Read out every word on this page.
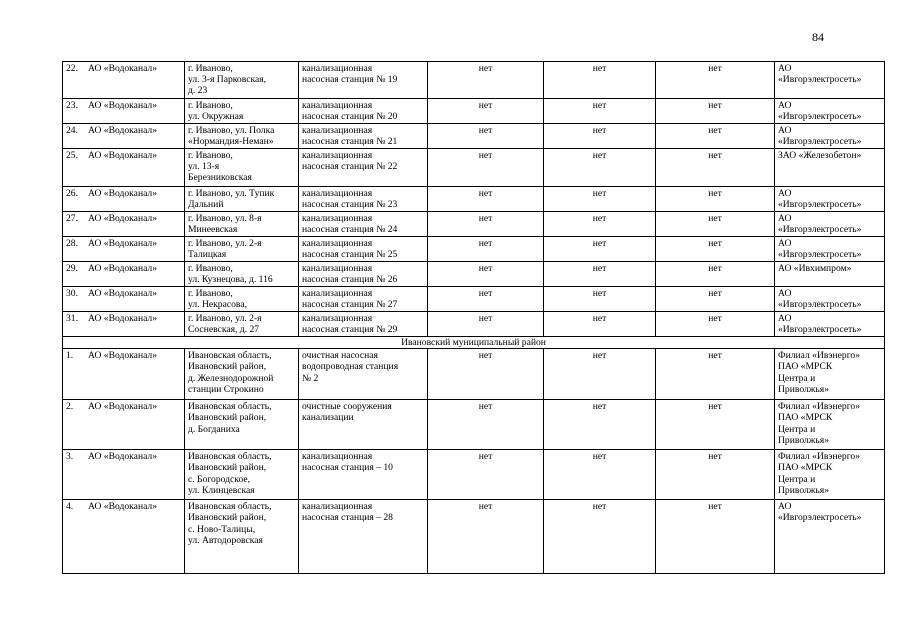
84
22. АО «Водоканал»	г. Иваново,
ул. 3-я Парковская,
д. 23	канализационная
насосная станция № 19	нет	нет	нет	АО
«Ивгорэлектросеть»

23. АО «Водоканал»	г. Иваново,
ул. Окружная	канализационная
насосная станция № 20	нет	нет	нет	АО
«Ивгорэлектросеть»

24. АО «Водоканал»	г. Иваново, ул. Полка
«Нормандия-Неман»	канализационная
насосная станция № 21	нет	нет	нет	АО
«Ивгорэлектросеть»

25. АО «Водоканал»	г. Иваново,
ул. 13-я
Березниковская	канализационная
насосная станция № 22	нет	нет	нет	ЗАО «Железобетон»

26. АО «Водоканал»	г. Иваново, ул. Тупик
Дальний	канализационная
насосная станция № 23	нет	нет	нет	АО
«Ивгорэлектросеть»

27. АО «Водоканал»	г. Иваново, ул. 8-я
Минеевская	канализационная
насосная станция № 24	нет	нет	нет	АО
«Ивгорэлектросеть»

28. АО «Водоканал»	г. Иваново, ул. 2-я
Талицкая	канализационная
насосная станция № 25	нет	нет	нет	АО
«Ивгорэлектросеть»

29. АО «Водоканал»	г. Иваново,
ул. Кузнецова, д. 116	канализационная
насосная станция № 26	нет	нет	нет	АО «Ивхимпром»

30. АО «Водоканал»	г. Иваново,
ул. Некрасова,	канализационная
насосная станция № 27	нет	нет	нет	АО
«Ивгорэлектросеть»

31. АО «Водоканал»	г. Иваново, ул. 2-я
Сосневская, д. 27	канализационная
насосная станция № 29	нет	нет	нет	АО
«Ивгорэлектросеть»

Ивановский муниципальный район						
1. АО «Водоканал»	Ивановская область,
Ивановский район,
д. Железнодорожной
станции Строкино	очистная насосная
водопроводная станция
№ 2	нет	нет	нет	Филиал «Ивэнерго»
ПАО «МРСК
Центра и
Приволжья»

2. АО «Водоканал»	Ивановская область,
Ивановский район,
д. Богданиха	очистные сооружения
канализации	нет	нет	нет	Филиал «Ивэнерго»
ПАО «МРСК
Центра и
Приволжья»

3. АО «Водоканал»	Ивановская область,
Ивановский район,
с. Богородское,
ул. Клинцевская	канализационная
насосная станция – 10	нет	нет	нет	Филиал «Ивэнерго»
ПАО «МРСК
Центра и
Приволжья»

4. АО «Водоканал»	Ивановская область,
Ивановский район,
с. Ново-Талицы,
ул. Автодоровская	канализационная
насосная станция – 28	нет	нет	нет	АО
«Ивгорэлектросеть»
